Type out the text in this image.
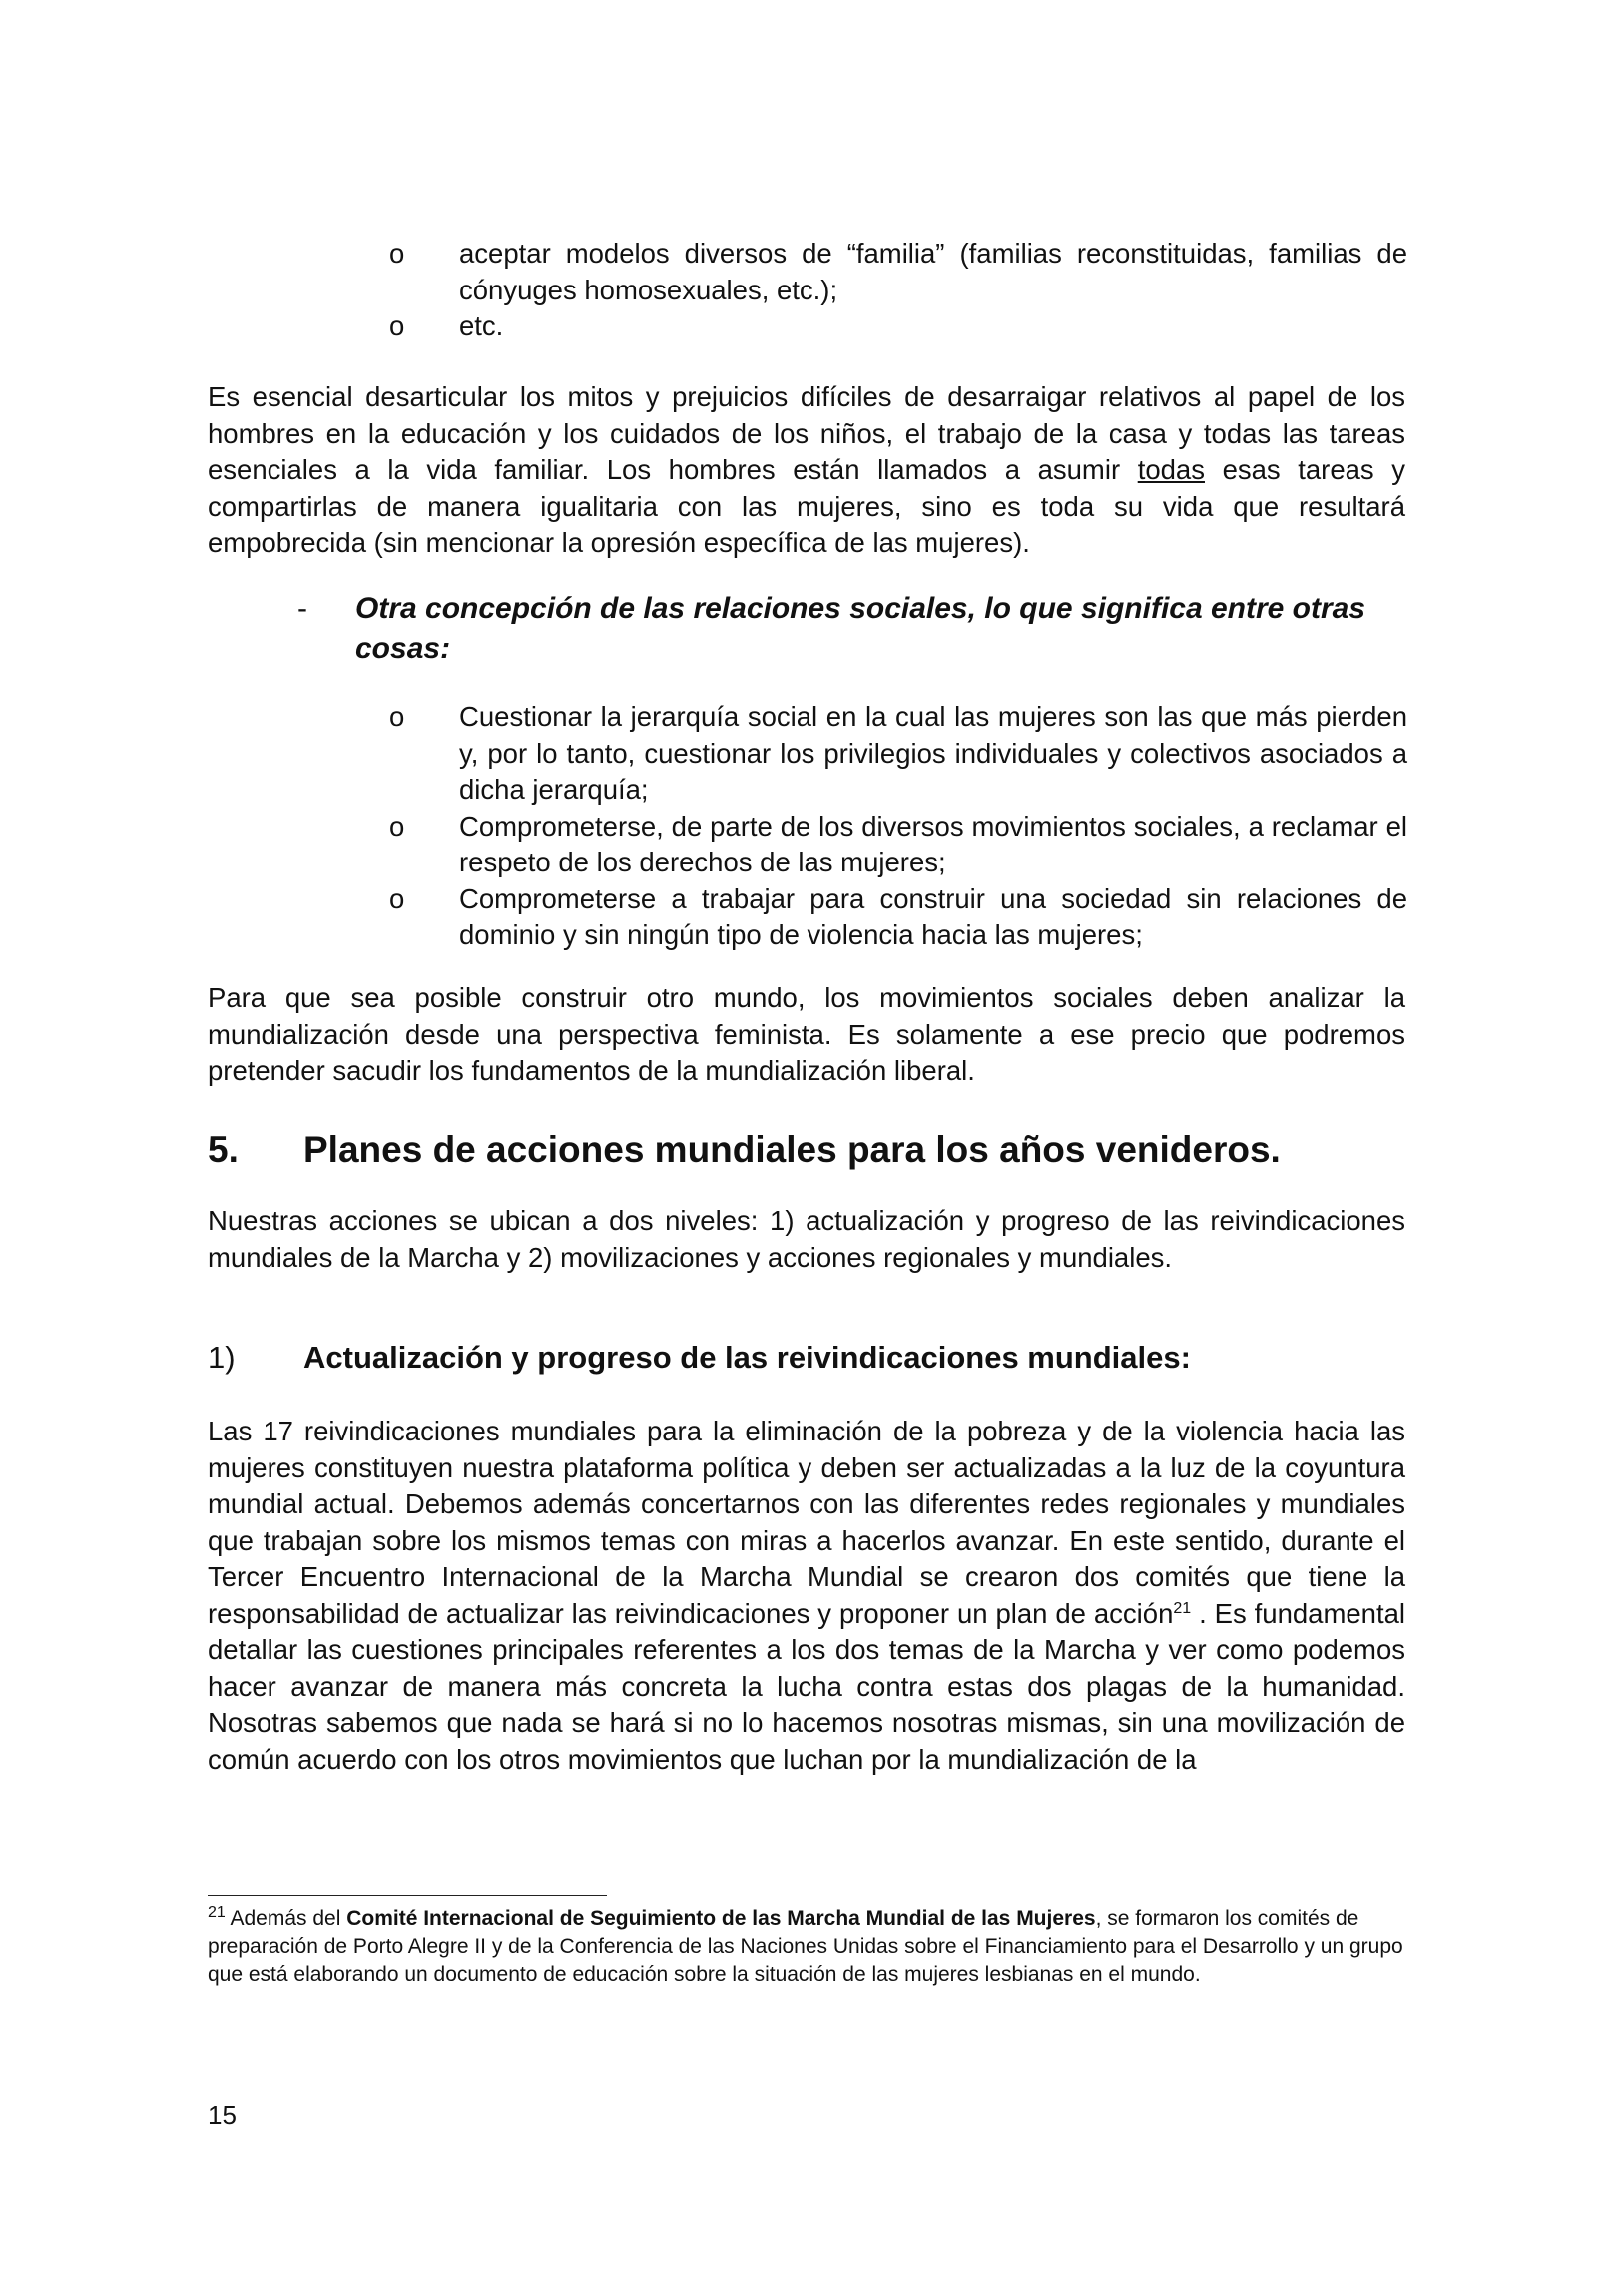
o aceptar modelos diversos de “familia” (familias reconstituidas, familias de cónyuges homosexuales, etc.);
o etc.
Es esencial desarticular los mitos y prejuicios difíciles de desarraigar relativos al papel de los hombres en la educación y los cuidados de los niños, el trabajo de la casa y todas las tareas esenciales a la vida familiar. Los hombres están llamados a asumir todas esas tareas y compartirlas de manera igualitaria con las mujeres, sino es toda su vida que resultará empobrecida (sin mencionar la opresión específica de las mujeres).
- Otra concepción de las relaciones sociales, lo que significa entre otras cosas:
o Cuestionar la jerarquía social en la cual las mujeres son las que más pierden y, por lo tanto, cuestionar los privilegios individuales y colectivos asociados a dicha jerarquía;
o Comprometerse, de parte de los diversos movimientos sociales, a reclamar el respeto de los derechos de las mujeres;
o Comprometerse a trabajar para construir una sociedad sin relaciones de dominio y sin ningún tipo de violencia hacia las mujeres;
Para que sea posible construir otro mundo, los movimientos sociales deben analizar la mundialización desde una perspectiva feminista. Es solamente a ese precio que podremos pretender sacudir los fundamentos de la mundialización liberal.
5. Planes de acciones mundiales para los años venideros.
Nuestras acciones se ubican a dos niveles: 1) actualización y progreso de las reivindicaciones mundiales de la Marcha y 2) movilizaciones y acciones regionales y mundiales.
1) Actualización y progreso de las reivindicaciones mundiales:
Las 17 reivindicaciones mundiales para la eliminación de la pobreza y de la violencia hacia las mujeres constituyen nuestra plataforma política y deben ser actualizadas a la luz de la coyuntura mundial actual. Debemos además concertarnos con las diferentes redes regionales y mundiales que trabajan sobre los mismos temas con miras a hacerlos avanzar. En este sentido, durante el Tercer Encuentro Internacional de la Marcha Mundial se crearon dos comités que tiene la responsabilidad de actualizar las reivindicaciones y proponer un plan de acción$^{21}$ . Es fundamental detallar las cuestiones principales referentes a los dos temas de la Marcha y ver como podemos hacer avanzar de manera más concreta la lucha contra estas dos plagas de la humanidad. Nosotras sabemos que nada se hará si no lo hacemos nosotras mismas, sin una movilización de común acuerdo con los otros movimientos que luchan por la mundialización de la
$^{21}$ Además del Comité Internacional de Seguimiento de las Marcha Mundial de las Mujeres, se formaron los comités de preparación de Porto Alegre II y de la Conferencia de las Naciones Unidas sobre el Financiamiento para el Desarrollo y un grupo que está elaborando un documento de educación sobre la situación de las mujeres lesbianas en el mundo.
15
